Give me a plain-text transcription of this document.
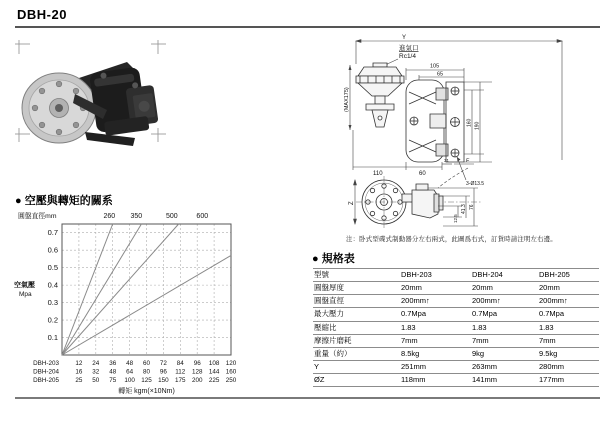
DBH-20
Y
進氣口
Rc1/4
(MAX175)
105
65
160 190
110	60
31	F
3-Ø13.5
Z
12.5
41.3 76
注：卧式型碟式制動器分左右兩式，此圖爲右式，訂貨時請注明左右邊。
● 空壓與轉矩的關系
260 350	500	600
0.7
0.6
0.5
0.4
0.3
0.2
0.1
圓盤直徑mm
空氣壓
Mpa
DBH-203	12 24 36 48 60 72 84 96 108 120
DBH-204	16 32 48 64 80 96 112 128 144 160
DBH-205	25 50 75 100 125 150 175 200 225 250
轉矩 kgm(×10Nm)
● 規格表
型號	DBH-203	DBH-204	DBH-205
圓盤厚度	20mm	20mm	20mm
圓盤直徑	200mm↑	200mm↑	200mm↑
最大壓力	0.7Mpa	0.7Mpa	0.7Mpa
壓縮比	1.83	1.83	1.83
摩擦片磨耗	7mm	7mm	7mm
重量（約）	8.5kg	9kg	9.5kg
Y	251mm	263mm	280mm
ØZ	118mm	141mm	177mm
